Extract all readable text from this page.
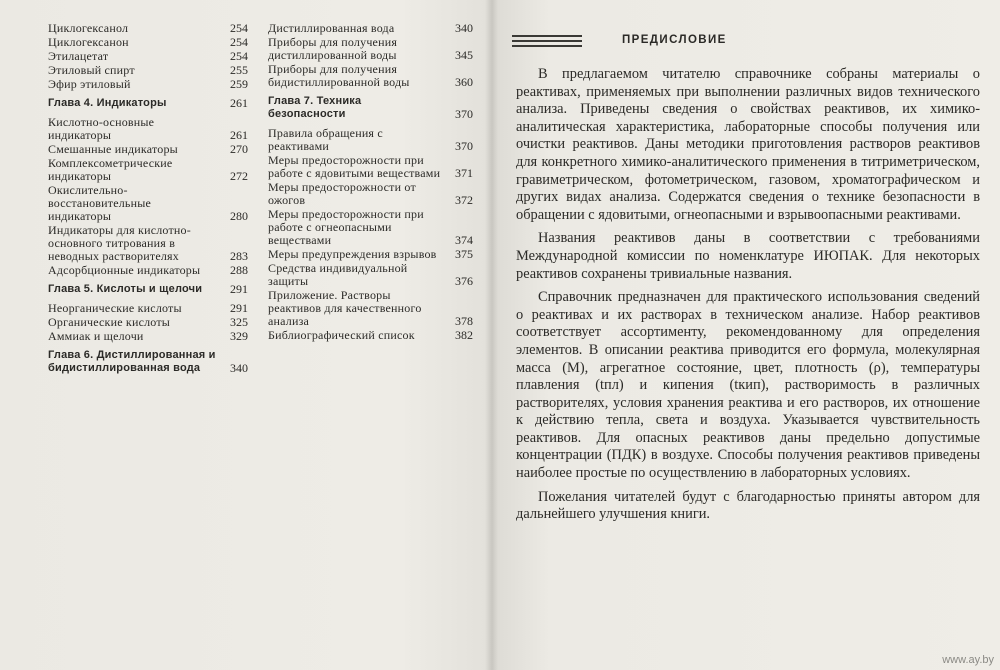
Циклогексанол	254
Циклогексанон	254
Этилацетат	254
Этиловый спирт	255
Эфир этиловый	259
Глава 4. Индикаторы	261
Кислотно-основные индикаторы	261
Смешанные индикаторы	270
Комплексометрические индикаторы	272
Окислительно-восстановительные индикаторы	280
Индикаторы для кислотно-основного титрования в неводных растворителях	283
Адсорбционные индикаторы	288
Глава 5. Кислоты и щелочи	291
Неорганические кислоты	291
Органические кислоты	325
Аммиак и щелочи	329
Глава 6. Дистиллированная и бидистиллированная вода	340
Дистиллированная вода	340
Приборы для получения дистиллированной воды	345
Приборы для получения бидистиллированной воды	360
Глава 7. Техника безопасности	370
Правила обращения с реактивами	370
Меры предосторожности при работе с ядовитыми веществами	371
Меры предосторожности от ожогов	372
Меры предосторожности при работе с огнеопасными веществами	374
Меры предупреждения взрывов	375
Средства индивидуальной защиты	376
Приложение. Растворы реактивов для качественного анализа	378
Библиографический список	382
ПРЕДИСЛОВИЕ

В предлагаемом читателю справочнике собраны материалы о реактивах, применяемых при выполнении различных видов технического анализа. Приведены сведения о свойствах реактивов, их химико-аналитическая характеристика, лабораторные способы получения или очистки реактивов. Даны методики приготовления растворов реактивов для конкретного химико-аналитического применения в титриметрическом, гравиметрическом, фотометрическом, газовом, хроматографическом и других видах анализа. Содержатся сведения о технике безопасности в обращении с ядовитыми, огнеопасными и взрывоопасными реактивами.

Названия реактивов даны в соответствии с требованиями Международной комиссии по номенклатуре ИЮПАК. Для некоторых реактивов сохранены тривиальные названия.

Справочник предназначен для практического использования сведений о реактивах и их растворах в техническом анализе. Набор реактивов соответствует ассортименту, рекомендованному для определения элементов. В описании реактива приводится его формула, молекулярная масса (M), агрегатное состояние, цвет, плотность (ρ), температуры плавления (tпл) и кипения (tкип), растворимость в различных растворителях, условия хранения реактива и его растворов, их отношение к действию тепла, света и воздуха. Указывается чувствительность реактивов. Для опасных реактивов даны предельно допустимые концентрации (ПДК) в воздухе. Способы получения реактивов приведены наиболее простые по осуществлению в лабораторных условиях.

Пожелания читателей будут с благодарностью приняты автором для дальнейшего улучшения книги.

www.ay.by
